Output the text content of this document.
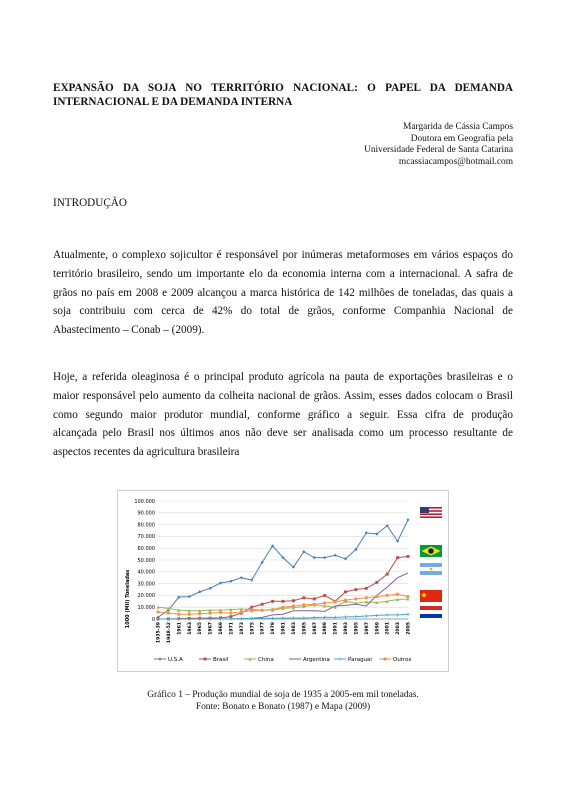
EXPANSÃO DA SOJA NO TERRITÓRIO NACIONAL: O PAPEL DA DEMANDA INTERNACIONAL E DA DEMANDA INTERNA
Margarida de Cássia Campos
Doutora em Geografia pela
Universidade Federal de Santa Catarina
mcassiacampos@hotmail.com
INTRODUÇÃO
Atualmente, o complexo sojicultor é responsável por inúmeras metaformoses em vários espaços do
território brasileiro, sendo um importante elo da economia interna com a internacional. A safra de
grãos no país em 2008 e 2009 alcançou a marca histórica de 142 milhões de toneladas, das quais a
soja contribuiu com cerca de 42% do total de grãos, conforme Companhia Nacional de
Abastecimento – Conab – (2009).
Hoje, a referida oleaginosa é o principal produto agrícola na pauta de exportações brasileiras e o
maior responsável pelo aumento da colheita nacional de grãos. Assim, esses dados colocam o Brasil
como segundo maior produtor mundial, conforme gráfico a seguir. Essa cifra de produção
alcançada pelo Brasil nos últimos anos não deve ser analisada como um processo resultante de
aspectos recentes da agricultura brasileira
0
10.000
20.000
30.000
40.000
50.000
60.000
70.000
80.000
90.000
100.000
1935-39 1948-52 1961 1963 1965 1967 1969 1971 1973 1975 1977 1979 1981 1983 1985 1987 1989 1991 1993 1995 1997 1999 2001 2003 2005
U.S.A	Brasil	China	Argentina	Paraguai	Outros
1000 (Mil) Toneladas
Gráfico 1 – Produção mundial de soja de 1935 a 2005-em mil toneladas.
Fonte: Bonato e Bonato (1987) e Mapa (2009)
